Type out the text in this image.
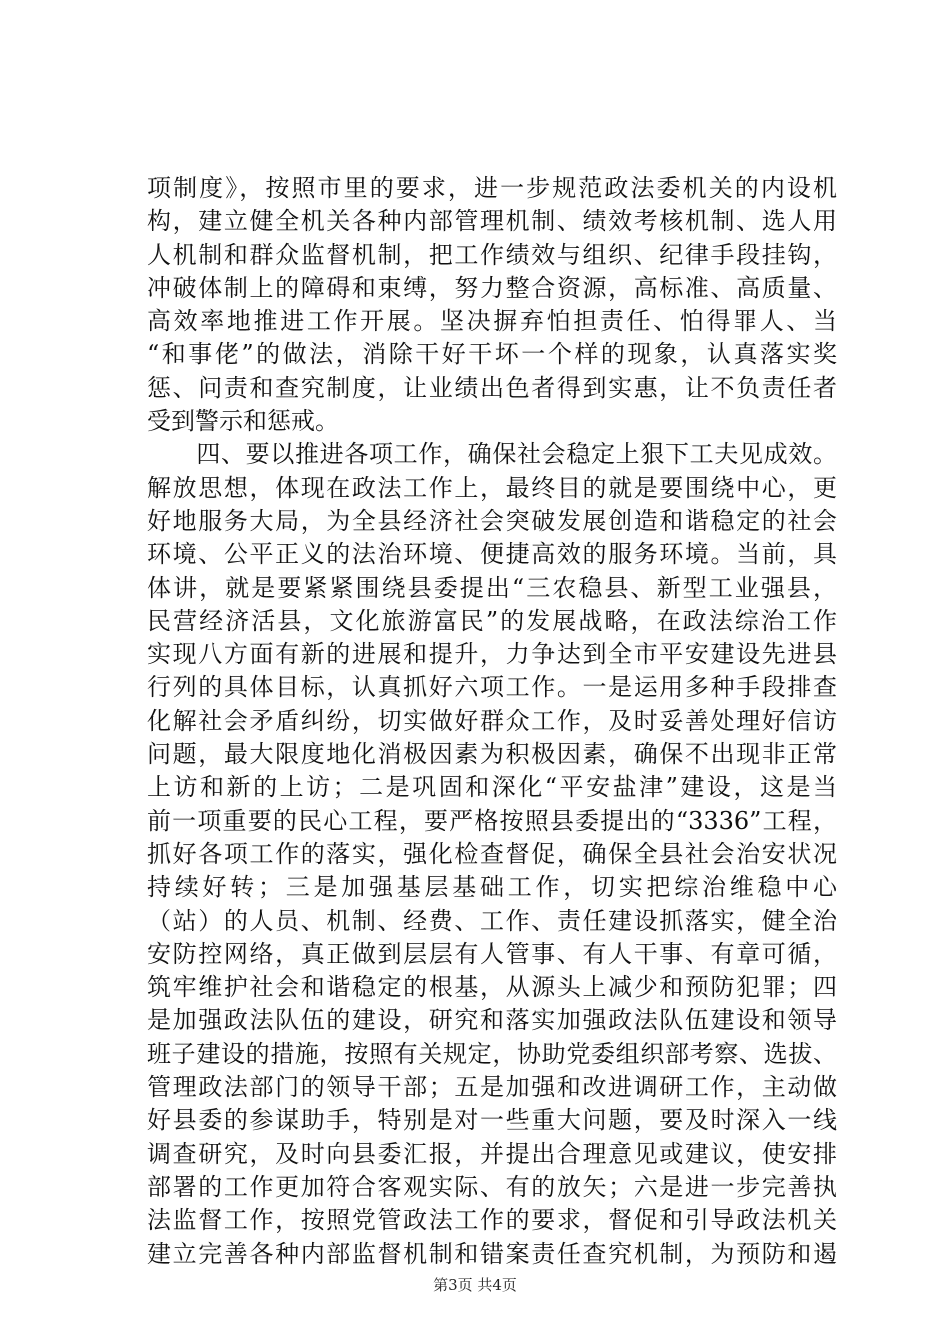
项制度》，按照市里的要求，进一步规范政法委机关的内设机
构，建立健全机关各种内部管理机制、绩效考核机制、选人用
人机制和群众监督机制，把工作绩效与组织、纪律手段挂钩，
冲破体制上的障碍和束缚，努力整合资源，高标准、高质量、
高效率地推进工作开展。坚决摒弃怕担责任、怕得罪人、当
“和事佬”的做法，消除干好干坏一个样的现象，认真落实奖
惩、问责和查究制度，让业绩出色者得到实惠，让不负责任者
受到警示和惩戒。
　　四、要以推进各项工作，确保社会稳定上狠下工夫见成效。
解放思想，体现在政法工作上，最终目的就是要围绕中心，更
好地服务大局，为全县经济社会突破发展创造和谐稳定的社会
环境、公平正义的法治环境、便捷高效的服务环境。当前，具
体讲，就是要紧紧围绕县委提出“三农稳县、新型工业强县，
民营经济活县，文化旅游富民”的发展战略，在政法综治工作
实现八方面有新的进展和提升，力争达到全市平安建设先进县
行列的具体目标，认真抓好六项工作。一是运用多种手段排查
化解社会矛盾纠纷，切实做好群众工作，及时妥善处理好信访
问题，最大限度地化消极因素为积极因素，确保不出现非正常
上访和新的上访；二是巩固和深化“平安盐津”建设，这是当
前一项重要的民心工程，要严格按照县委提出的“3336”工程，
抓好各项工作的落实，强化检查督促，确保全县社会治安状况
持续好转；三是加强基层基础工作，切实把综治维稳中心
（站）的人员、机制、经费、工作、责任建设抓落实，健全治
安防控网络，真正做到层层有人管事、有人干事、有章可循，
筑牢维护社会和谐稳定的根基，从源头上减少和预防犯罪；四
是加强政法队伍的建设，研究和落实加强政法队伍建设和领导
班子建设的措施，按照有关规定，协助党委组织部考察、选拔、
管理政法部门的领导干部；五是加强和改进调研工作，主动做
好县委的参谋助手，特别是对一些重大问题，要及时深入一线
调查研究，及时向县委汇报，并提出合理意见或建议，使安排
部署的工作更加符合客观实际、有的放矢；六是进一步完善执
法监督工作，按照党管政法工作的要求，督促和引导政法机关
建立完善各种内部监督机制和错案责任查究机制，为预防和遏
第3页 共4页
